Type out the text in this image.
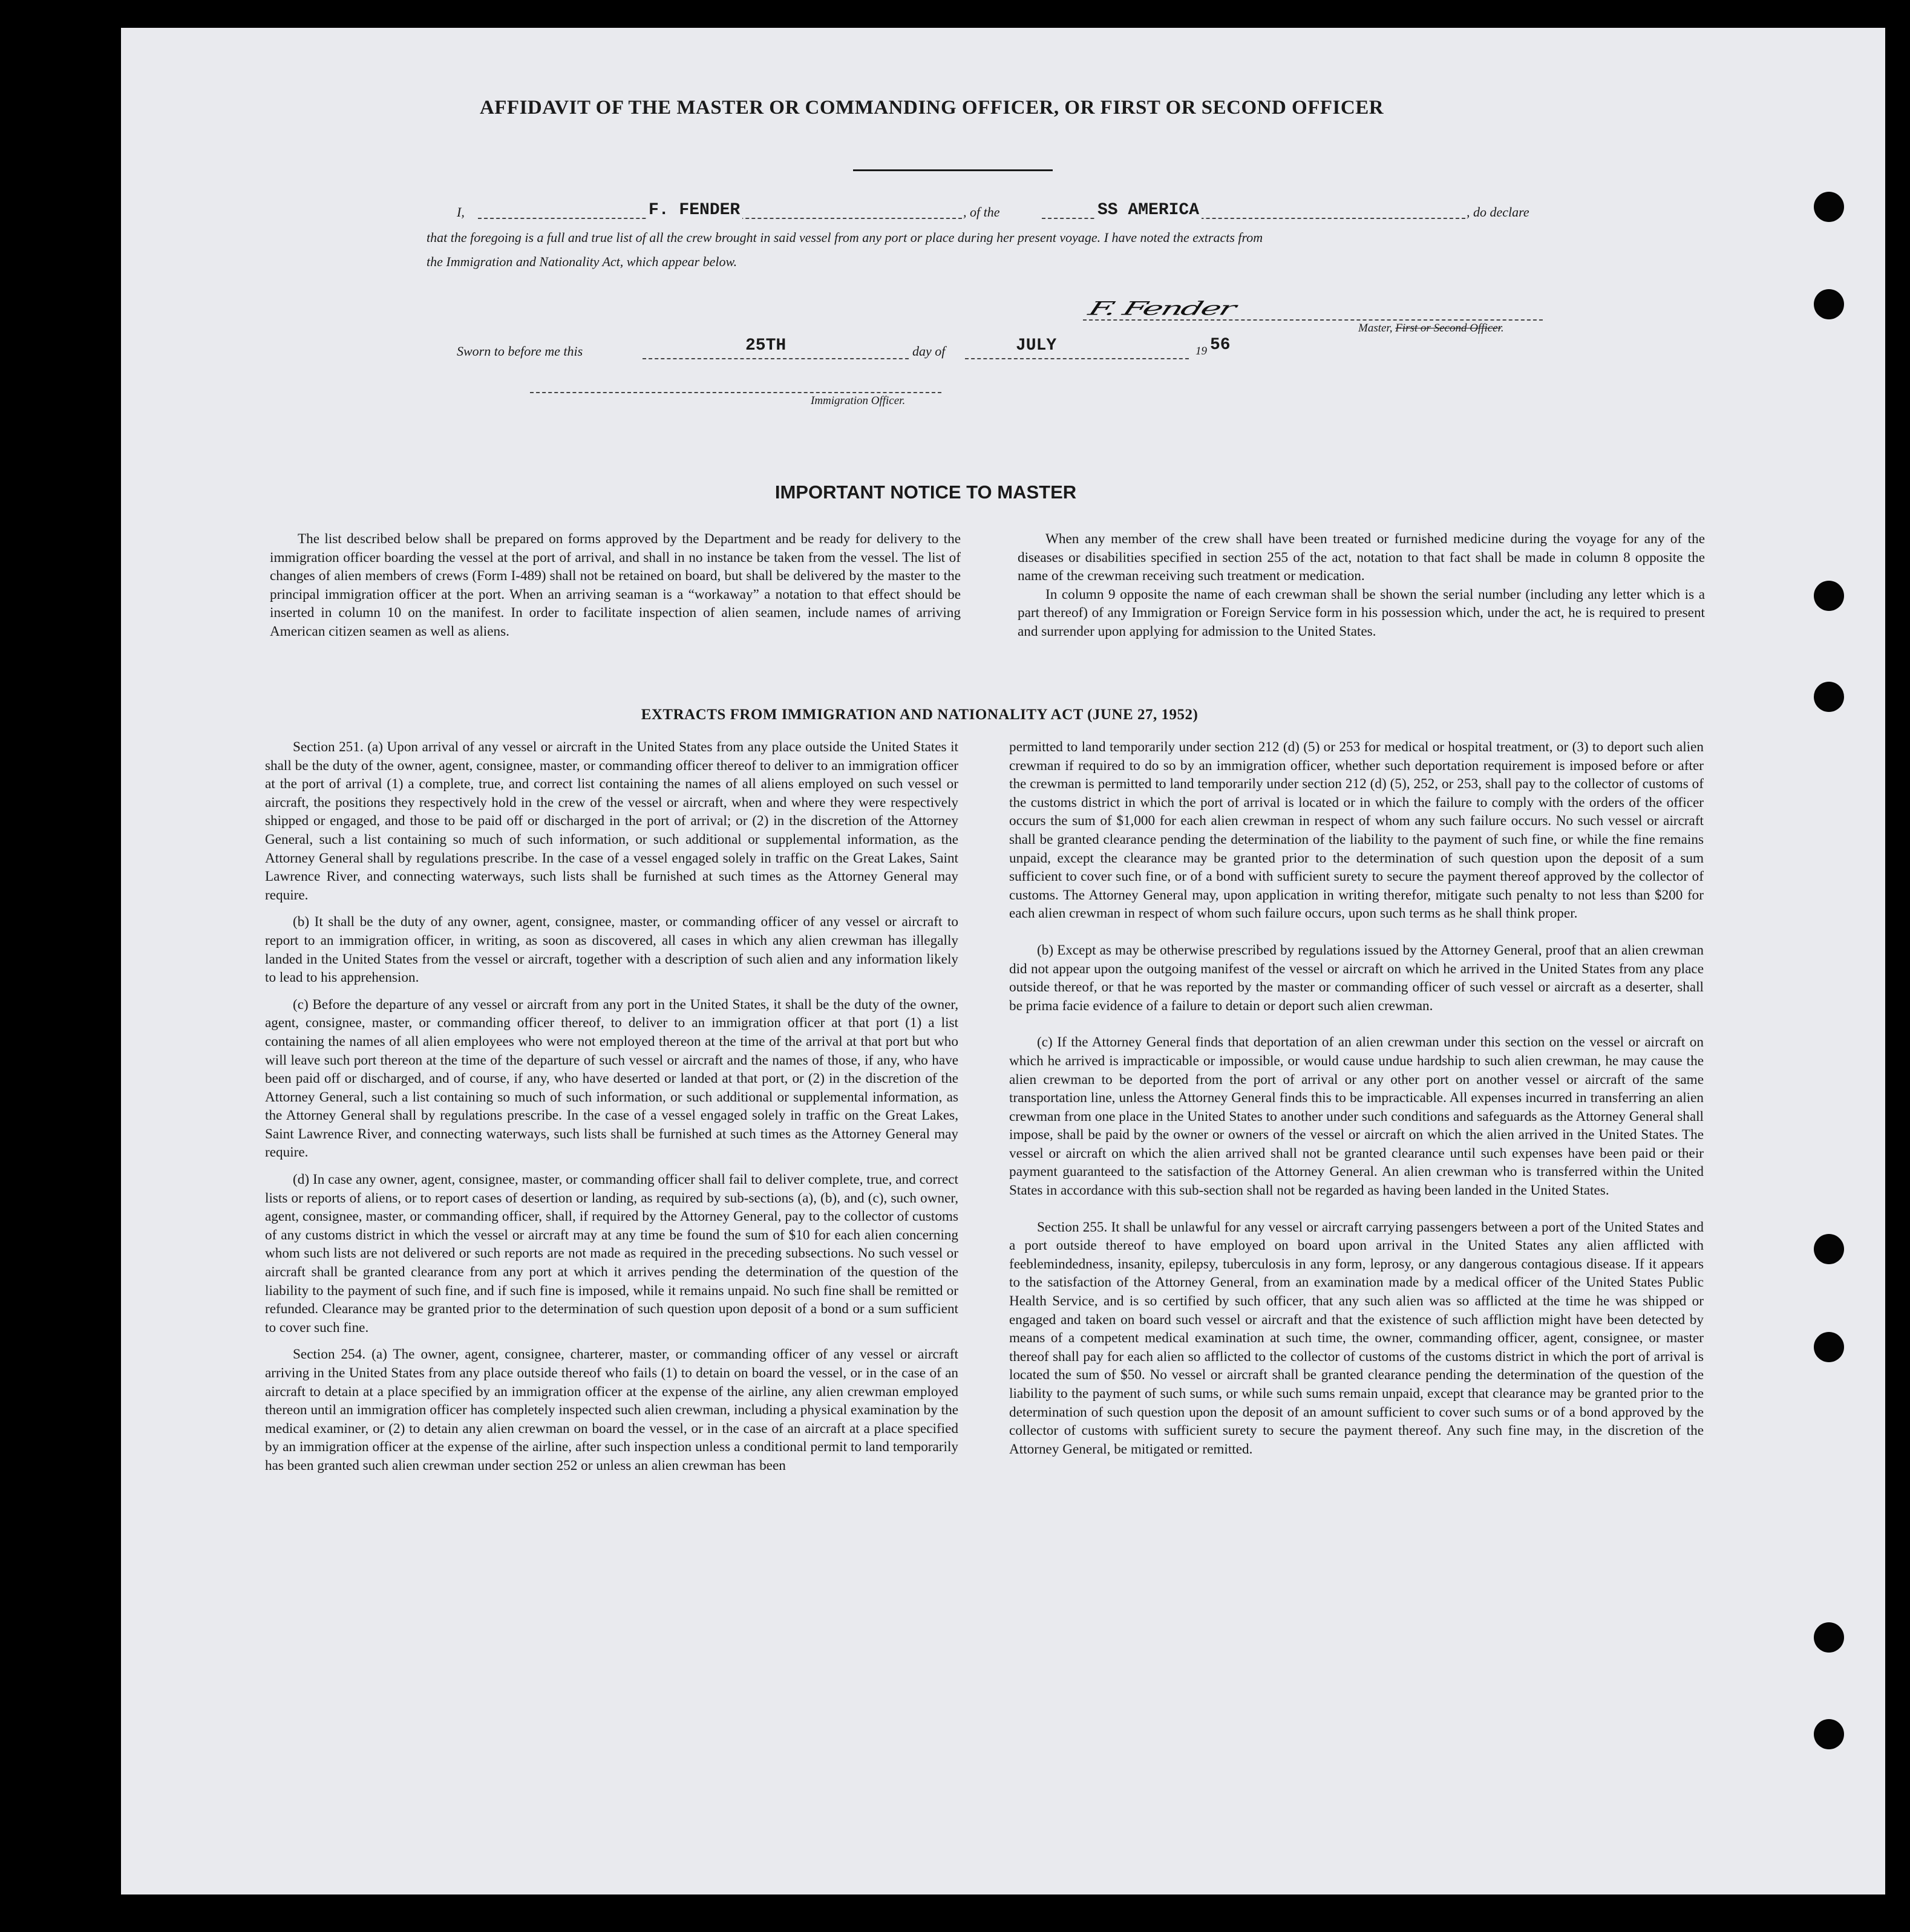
AFFIDAVIT OF THE MASTER OR COMMANDING OFFICER, OR FIRST OR SECOND OFFICER
I,	F. FENDER	, of the	SS AMERICA	, do declare
that the foregoing is a full and true list of all the crew brought in said vessel from any port or place during her present voyage. I have noted the extracts from
the Immigration and Nationality Act, which appear below.
F. Fender
Master, First or Second Officer.
Sworn to before me this	25TH	day of	JULY	19 56
Immigration Officer.
IMPORTANT NOTICE TO MASTER

The list described below shall be prepared on forms approved by the Department and be ready for delivery to the immigration officer boarding the vessel at the port of arrival, and shall in no instance be taken from the vessel. The list of changes of alien members of crews (Form I-489) shall not be retained on board, but shall be delivered by the master to the principal immigration officer at the port. When an arriving seaman is a “workaway” a notation to that effect should be inserted in column 10 on the manifest. In order to facilitate inspection of alien seamen, include names of arriving American citizen seamen as well as aliens.

When any member of the crew shall have been treated or furnished medicine during the voyage for any of the diseases or disabilities specified in section 255 of the act, notation to that fact shall be made in column 8 opposite the name of the crewman receiving such treatment or medication.

In column 9 opposite the name of each crewman shall be shown the serial number (including any letter which is a part thereof) of any Immigration or Foreign Service form in his possession which, under the act, he is required to present and surrender upon applying for admission to the United States.

EXTRACTS FROM IMMIGRATION AND NATIONALITY ACT (JUNE 27, 1952)

Section 251. (a) Upon arrival of any vessel or aircraft in the United States from any place outside the United States it shall be the duty of the owner, agent, consignee, master, or commanding officer thereof to deliver to an immigration officer at the port of arrival (1) a complete, true, and correct list containing the names of all aliens employed on such vessel or aircraft, the positions they respectively hold in the crew of the vessel or aircraft, when and where they were respectively shipped or engaged, and those to be paid off or discharged in the port of arrival; or (2) in the discretion of the Attorney General, such a list containing so much of such information, or such additional or supplemental information, as the Attorney General shall by regulations prescribe. In the case of a vessel engaged solely in traffic on the Great Lakes, Saint Lawrence River, and connecting waterways, such lists shall be furnished at such times as the Attorney General may require.

(b) It shall be the duty of any owner, agent, consignee, master, or commanding officer of any vessel or aircraft to report to an immigration officer, in writing, as soon as discovered, all cases in which any alien crewman has illegally landed in the United States from the vessel or aircraft, together with a description of such alien and any information likely to lead to his apprehension.

(c) Before the departure of any vessel or aircraft from any port in the United States, it shall be the duty of the owner, agent, consignee, master, or commanding officer thereof, to deliver to an immigration officer at that port (1) a list containing the names of all alien employees who were not employed thereon at the time of the arrival at that port but who will leave such port thereon at the time of the departure of such vessel or aircraft and the names of those, if any, who have been paid off or discharged, and of course, if any, who have deserted or landed at that port, or (2) in the discretion of the Attorney General, such a list containing so much of such information, or such additional or supplemental information, as the Attorney General shall by regulations prescribe. In the case of a vessel engaged solely in traffic on the Great Lakes, Saint Lawrence River, and connecting waterways, such lists shall be furnished at such times as the Attorney General may require.

(d) In case any owner, agent, consignee, master, or commanding officer shall fail to deliver complete, true, and correct lists or reports of aliens, or to report cases of desertion or landing, as required by sub-sections (a), (b), and (c), such owner, agent, consignee, master, or commanding officer, shall, if required by the Attorney General, pay to the collector of customs of any customs district in which the vessel or aircraft may at any time be found the sum of $10 for each alien concerning whom such lists are not delivered or such reports are not made as required in the preceding subsections. No such vessel or aircraft shall be granted clearance from any port at which it arrives pending the determination of the question of the liability to the payment of such fine, and if such fine is imposed, while it remains unpaid. No such fine shall be remitted or refunded. Clearance may be granted prior to the determination of such question upon deposit of a bond or a sum sufficient to cover such fine.

Section 254. (a) The owner, agent, consignee, charterer, master, or commanding officer of any vessel or aircraft arriving in the United States from any place outside thereof who fails (1) to detain on board the vessel, or in the case of an aircraft to detain at a place specified by an immigration officer at the expense of the airline, any alien crewman employed thereon until an immigration officer has completely inspected such alien crewman, including a physical examination by the medical examiner, or (2) to detain any alien crewman on board the vessel, or in the case of an aircraft at a place specified by an immigration officer at the expense of the airline, after such inspection unless a conditional permit to land temporarily has been granted such alien crewman under section 252 or unless an alien crewman has been

permitted to land temporarily under section 212 (d) (5) or 253 for medical or hospital treatment, or (3) to deport such alien crewman if required to do so by an immigration officer, whether such deportation requirement is imposed before or after the crewman is permitted to land temporarily under section 212 (d) (5), 252, or 253, shall pay to the collector of customs of the customs district in which the port of arrival is located or in which the failure to comply with the orders of the officer occurs the sum of $1,000 for each alien crewman in respect of whom any such failure occurs. No such vessel or aircraft shall be granted clearance pending the determination of the liability to the payment of such fine, or while the fine remains unpaid, except the clearance may be granted prior to the determination of such question upon the deposit of a sum sufficient to cover such fine, or of a bond with sufficient surety to secure the payment thereof approved by the collector of customs. The Attorney General may, upon application in writing therefor, mitigate such penalty to not less than $200 for each alien crewman in respect of whom such failure occurs, upon such terms as he shall think proper.

(b) Except as may be otherwise prescribed by regulations issued by the Attorney General, proof that an alien crewman did not appear upon the outgoing manifest of the vessel or aircraft on which he arrived in the United States from any place outside thereof, or that he was reported by the master or commanding officer of such vessel or aircraft as a deserter, shall be prima facie evidence of a failure to detain or deport such alien crewman.

(c) If the Attorney General finds that deportation of an alien crewman under this section on the vessel or aircraft on which he arrived is impracticable or impossible, or would cause undue hardship to such alien crewman, he may cause the alien crewman to be deported from the port of arrival or any other port on another vessel or aircraft of the same transportation line, unless the Attorney General finds this to be impracticable. All expenses incurred in transferring an alien crewman from one place in the United States to another under such conditions and safeguards as the Attorney General shall impose, shall be paid by the owner or owners of the vessel or aircraft on which the alien arrived in the United States. The vessel or aircraft on which the alien arrived shall not be granted clearance until such expenses have been paid or their payment guaranteed to the satisfaction of the Attorney General. An alien crewman who is transferred within the United States in accordance with this sub-section shall not be regarded as having been landed in the United States.

Section 255. It shall be unlawful for any vessel or aircraft carrying passengers between a port of the United States and a port outside thereof to have employed on board upon arrival in the United States any alien afflicted with feeblemindedness, insanity, epilepsy, tuberculosis in any form, leprosy, or any dangerous contagious disease. If it appears to the satisfaction of the Attorney General, from an examination made by a medical officer of the United States Public Health Service, and is so certified by such officer, that any such alien was so afflicted at the time he was shipped or engaged and taken on board such vessel or aircraft and that the existence of such affliction might have been detected by means of a competent medical examination at such time, the owner, commanding officer, agent, consignee, or master thereof shall pay for each alien so afflicted to the collector of customs of the customs district in which the port of arrival is located the sum of $50. No vessel or aircraft shall be granted clearance pending the determination of the question of the liability to the payment of such sums, or while such sums remain unpaid, except that clearance may be granted prior to the determination of such question upon the deposit of an amount sufficient to cover such sums or of a bond approved by the collector of customs with sufficient surety to secure the payment thereof. Any such fine may, in the discretion of the Attorney General, be mitigated or remitted.
